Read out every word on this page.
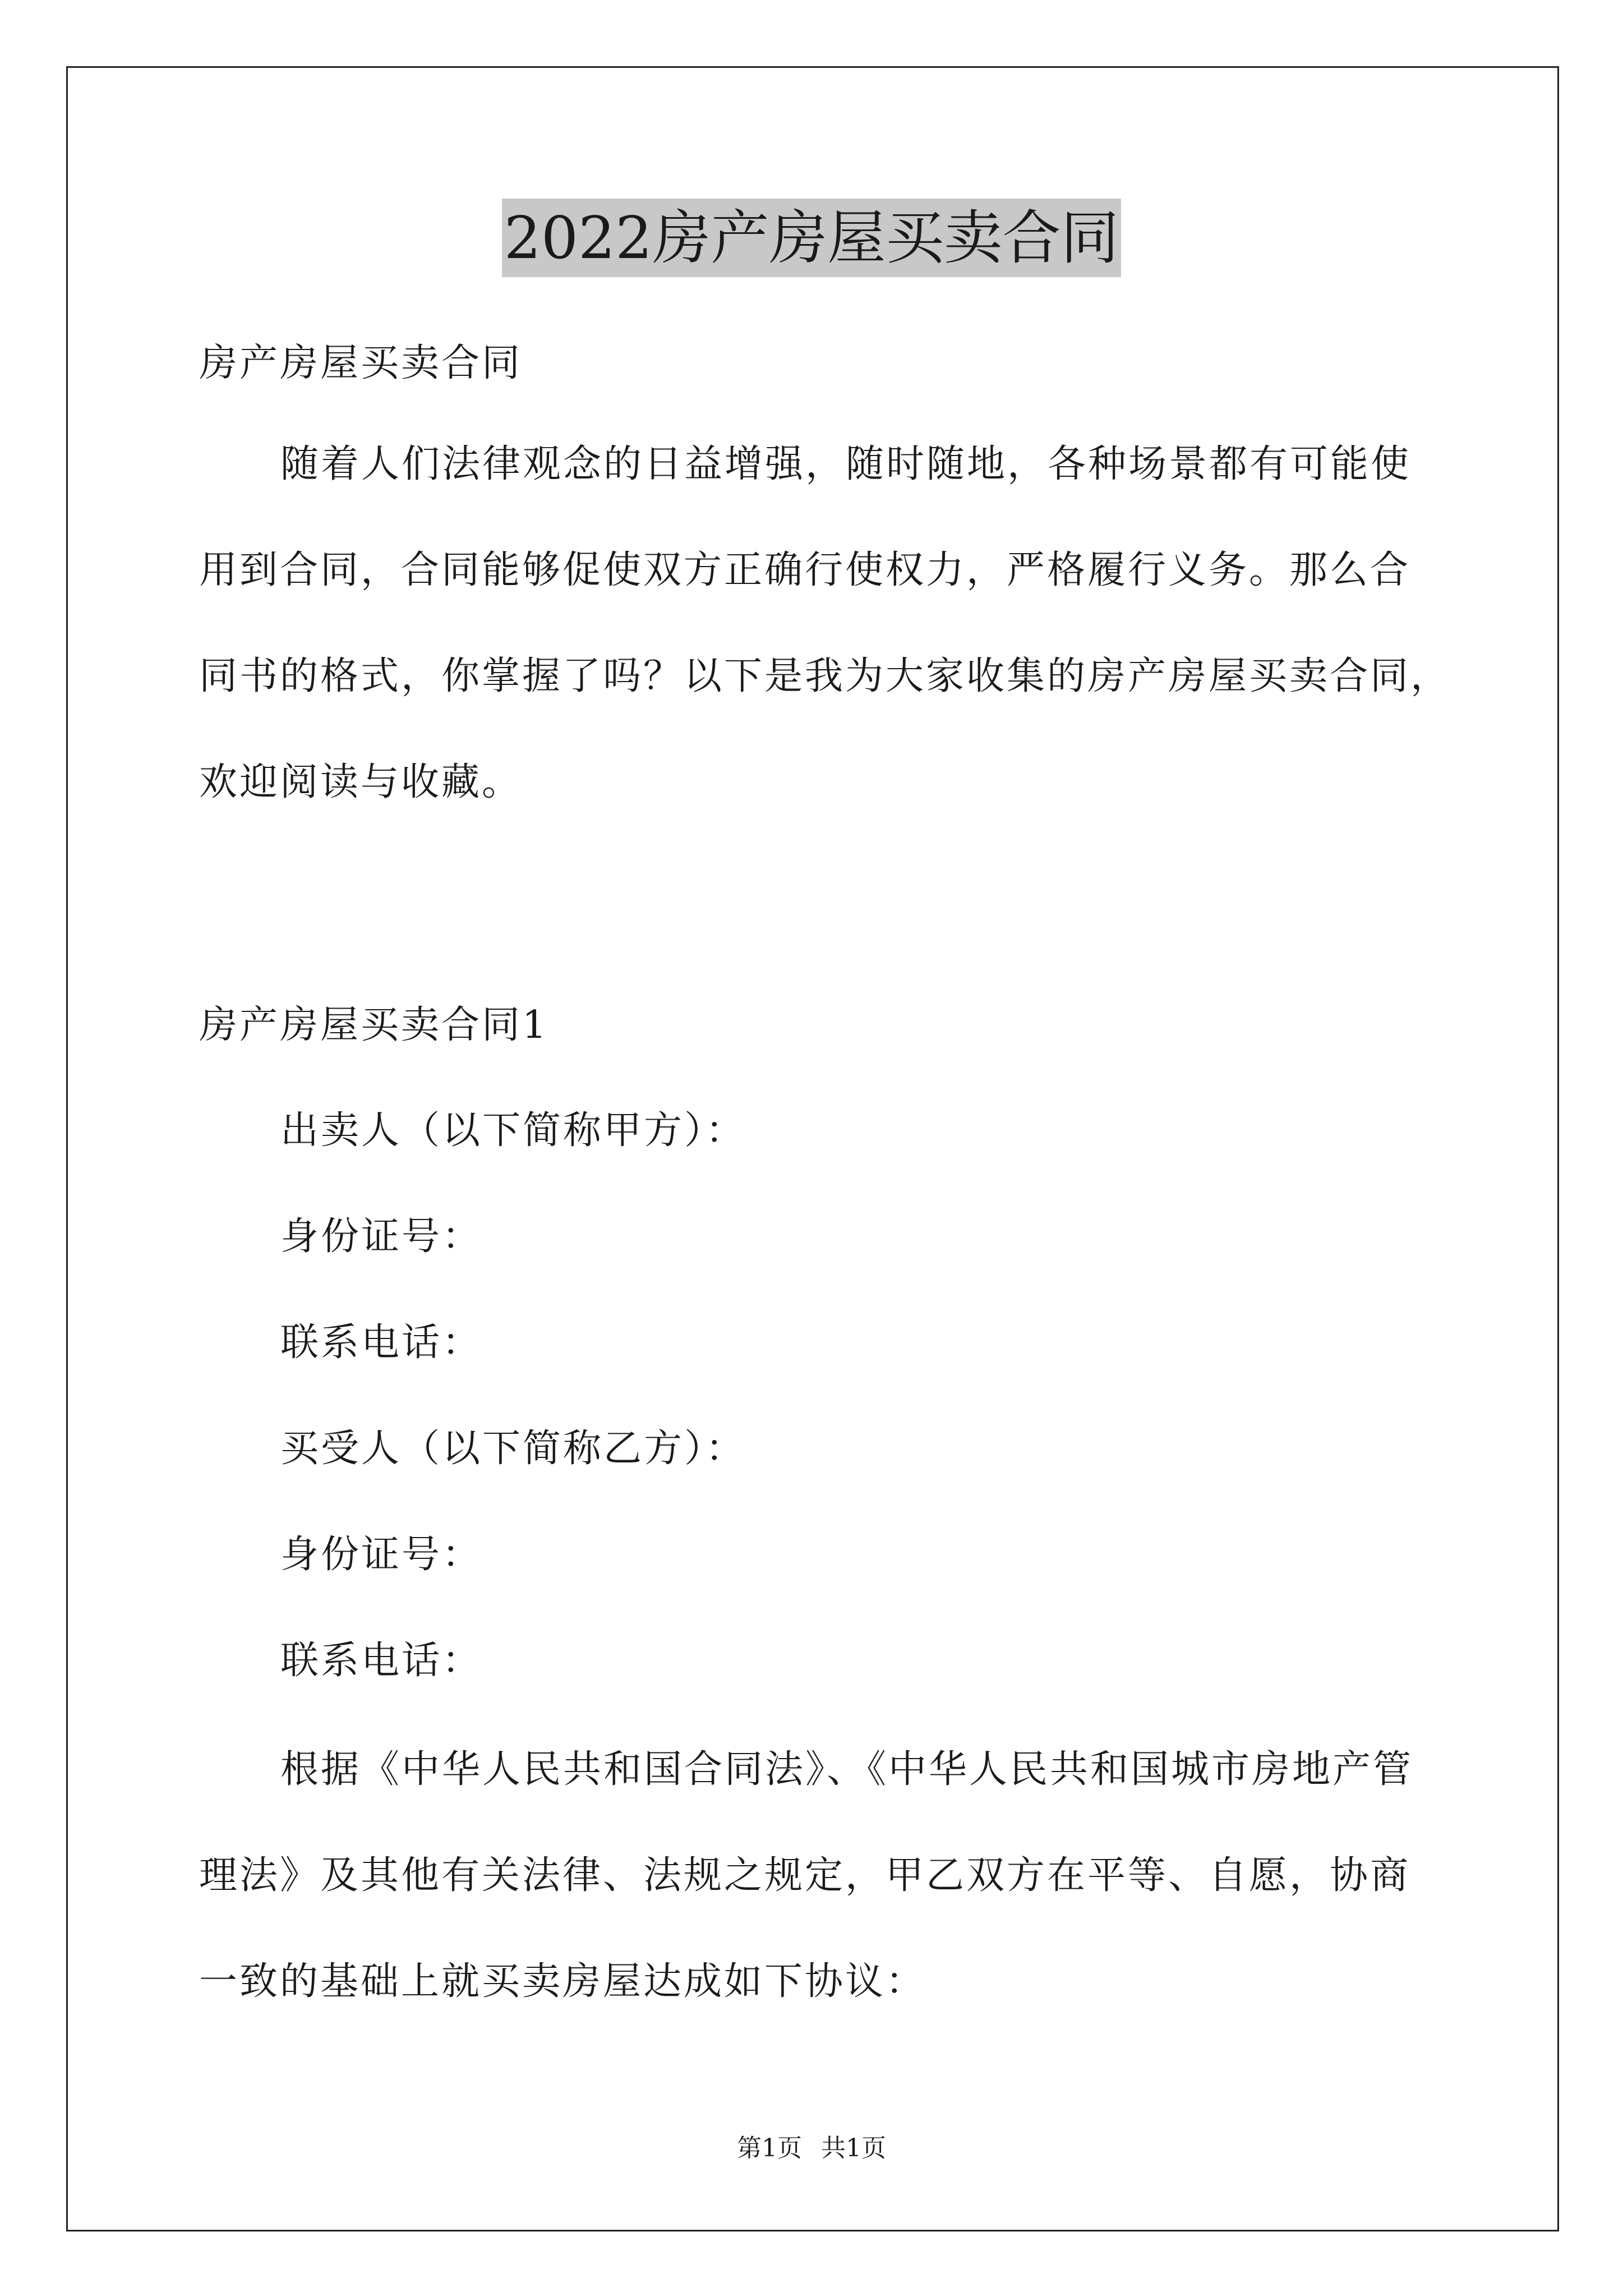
2022房产房屋买卖合同

房产房屋买卖合同

随着人们法律观念的日益增强，随时随地，各种场景都有可能使
用到合同，合同能够促使双方正确行使权力，严格履行义务。那么合
同书的格式，你掌握了吗？以下是我为大家收集的房产房屋买卖合同，
欢迎阅读与收藏。

房产房屋买卖合同1

出卖人（以下简称甲方）：

身份证号：

联系电话：

买受人（以下简称乙方）：

身份证号：

联系电话：

根据《中华人民共和国合同法》、《中华人民共和国城市房地产管
理法》及其他有关法律、法规之规定，甲乙双方在平等、自愿，协商
一致的基础上就买卖房屋达成如下协议：
第1页 共1页
